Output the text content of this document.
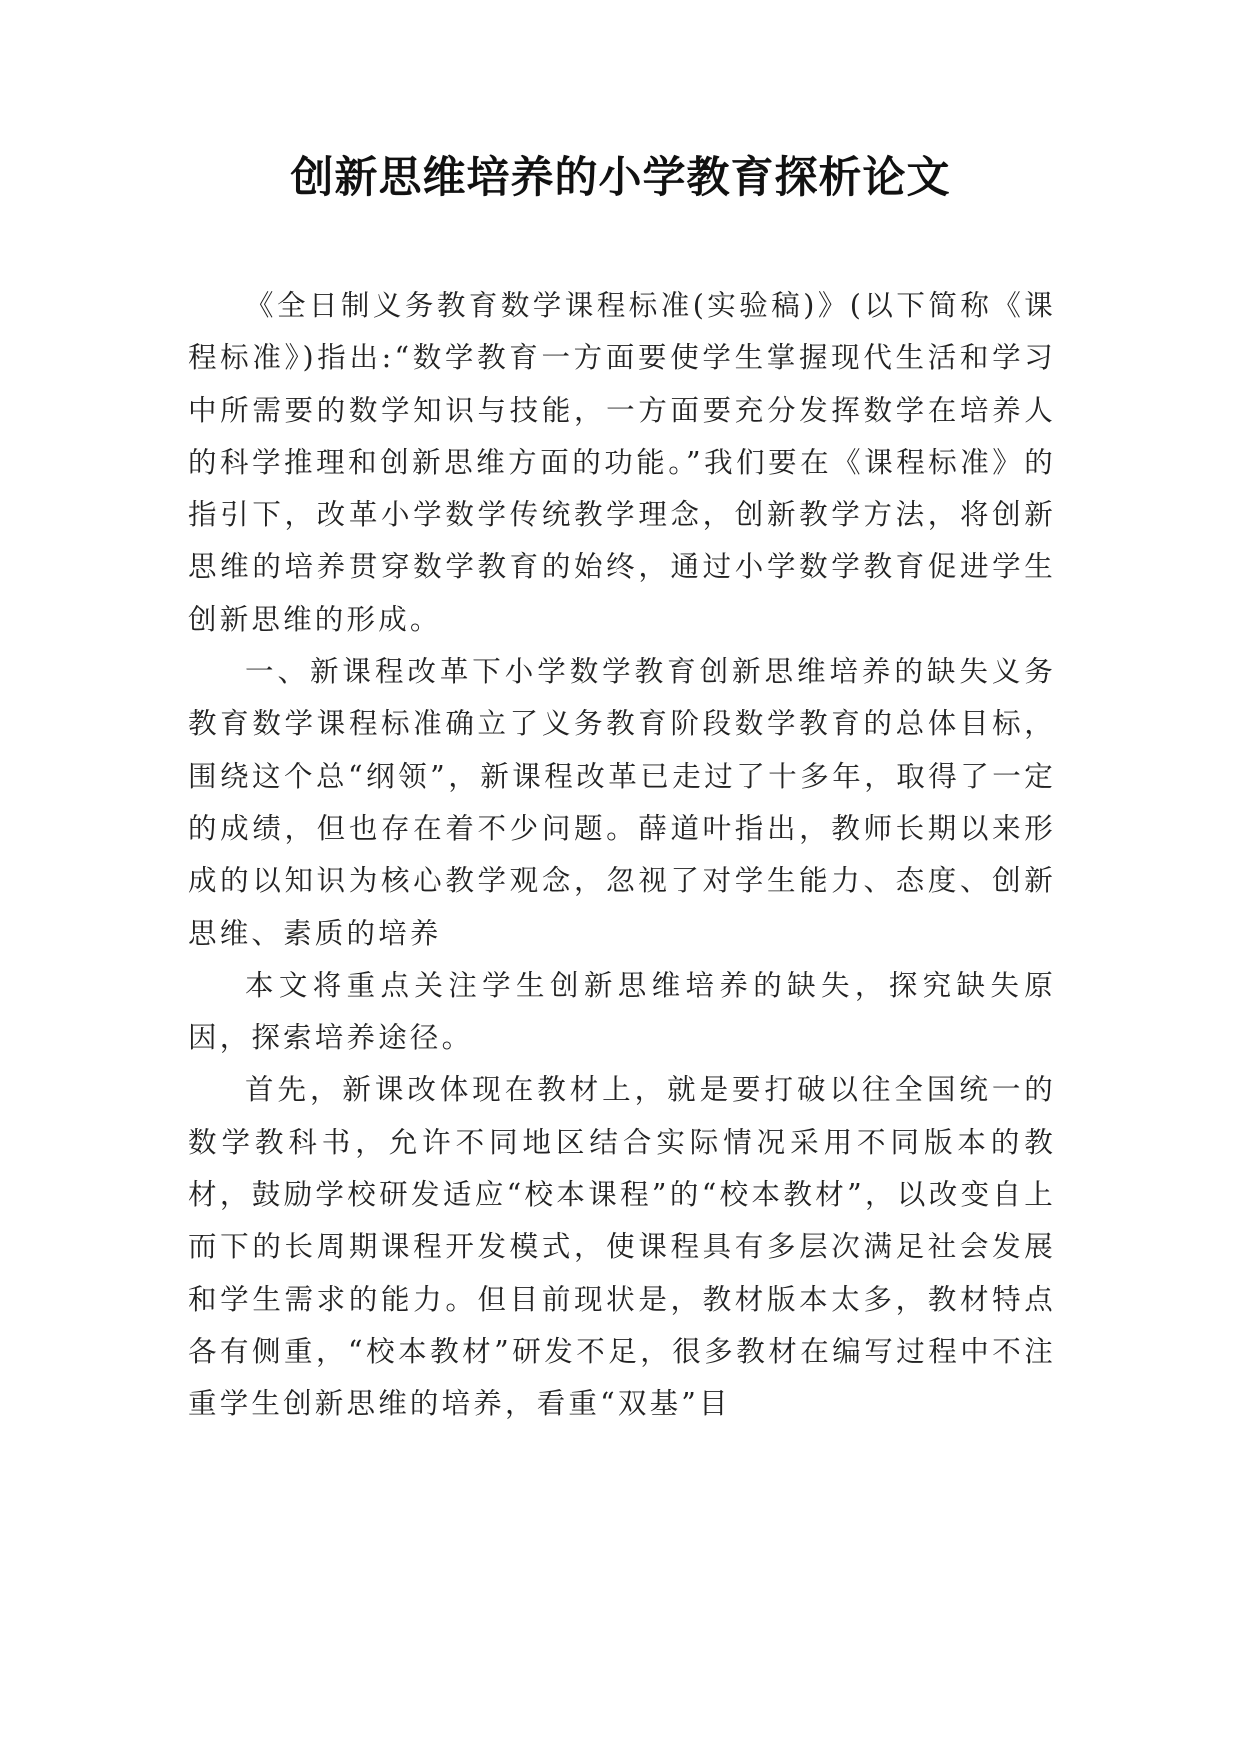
创新思维培养的小学教育探析论文

《全日制义务教育数学课程标准(实验稿)》(以下简称《课程标准》)指出:“数学教育一方面要使学生掌握现代生活和学习中所需要的数学知识与技能，一方面要充分发挥数学在培养人的科学推理和创新思维方面的功能。”我们要在《课程标准》的指引下，改革小学数学传统教学理念，创新教学方法，将创新思维的培养贯穿数学教育的始终，通过小学数学教育促进学生创新思维的形成。

一、新课程改革下小学数学教育创新思维培养的缺失义务教育数学课程标准确立了义务教育阶段数学教育的总体目标，围绕这个总“纲领”，新课程改革已走过了十多年，取得了一定的成绩，但也存在着不少问题。薛道叶指出，教师长期以来形成的以知识为核心教学观念，忽视了对学生能力、态度、创新思维、素质的培养

本文将重点关注学生创新思维培养的缺失，探究缺失原因，探索培养途径。

首先，新课改体现在教材上，就是要打破以往全国统一的数学教科书，允许不同地区结合实际情况采用不同版本的教材，鼓励学校研发适应“校本课程”的“校本教材”，以改变自上而下的长周期课程开发模式，使课程具有多层次满足社会发展和学生需求的能力。但目前现状是，教材版本太多，教材特点各有侧重，“校本教材”研发不足，很多教材在编写过程中不注重学生创新思维的培养，看重“双基”目
